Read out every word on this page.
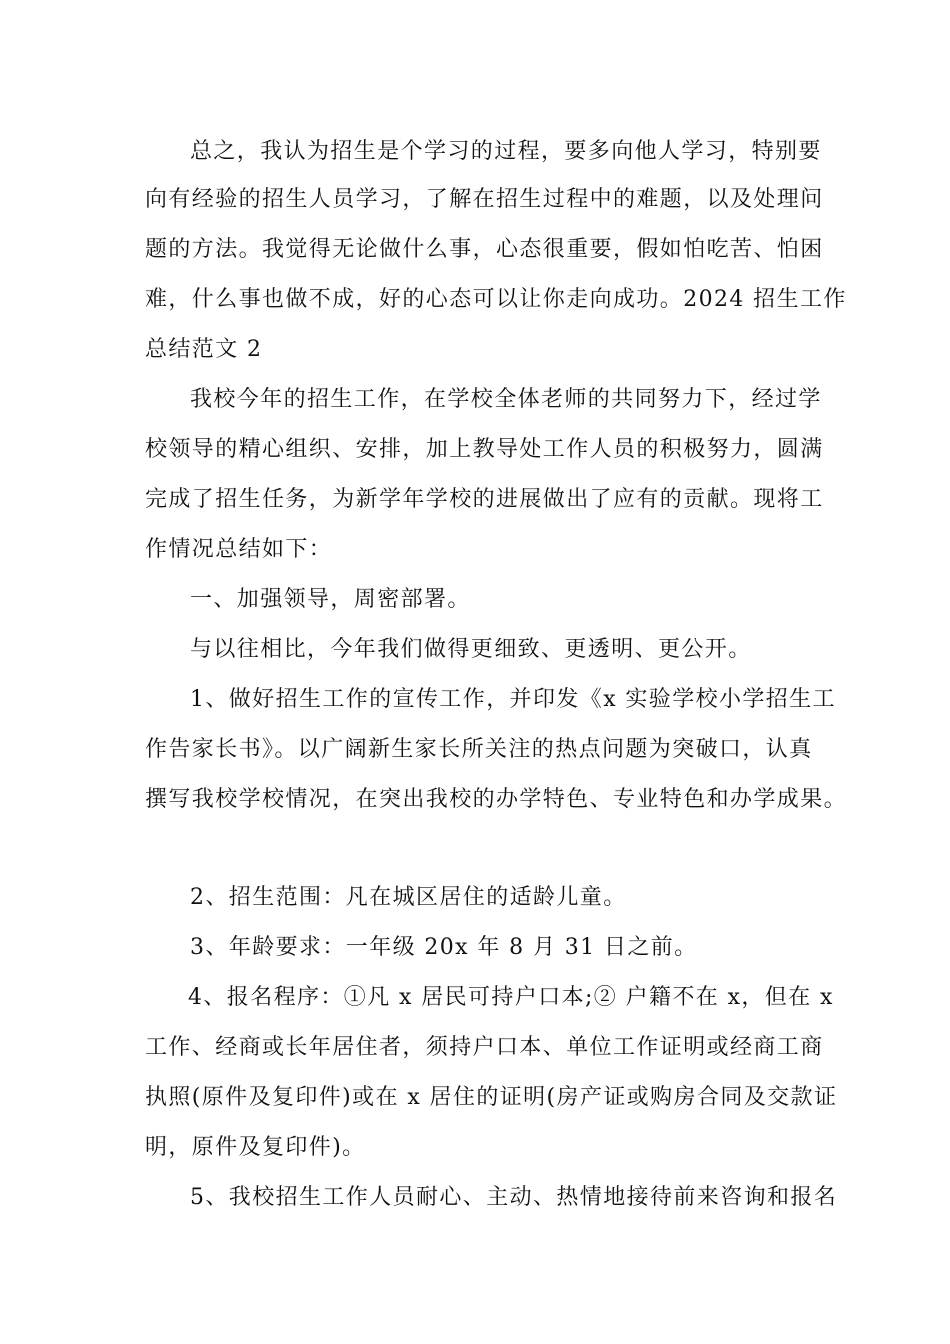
总之，我认为招生是个学习的过程，要多向他人学习，特别要
向有经验的招生人员学习，了解在招生过程中的难题，以及处理问
题的方法。我觉得无论做什么事，心态很重要，假如怕吃苦、怕困
难，什么事也做不成，好的心态可以让你走向成功。2024 招生工作
总结范文 2
我校今年的招生工作，在学校全体老师的共同努力下，经过学
校领导的精心组织、安排，加上教导处工作人员的积极努力，圆满
完成了招生任务，为新学年学校的进展做出了应有的贡献。现将工
作情况总结如下：
一、加强领导，周密部署。
与以往相比，今年我们做得更细致、更透明、更公开。
1、做好招生工作的宣传工作，并印发《x 实验学校小学招生工
作告家长书》。以广阔新生家长所关注的热点问题为突破口，认真
撰写我校学校情况，在突出我校的办学特色、专业特色和办学成果。
2、招生范围：凡在城区居住的适龄儿童。
3、年龄要求：一年级 20x 年 8 月 31 日之前。
4、报名程序：①凡 x 居民可持户口本;② 户籍不在 x，但在 x
工作、经商或长年居住者，须持户口本、单位工作证明或经商工商
执照(原件及复印件)或在 x 居住的证明(房产证或购房合同及交款证
明，原件及复印件)。
5、我校招生工作人员耐心、主动、热情地接待前来咨询和报名
